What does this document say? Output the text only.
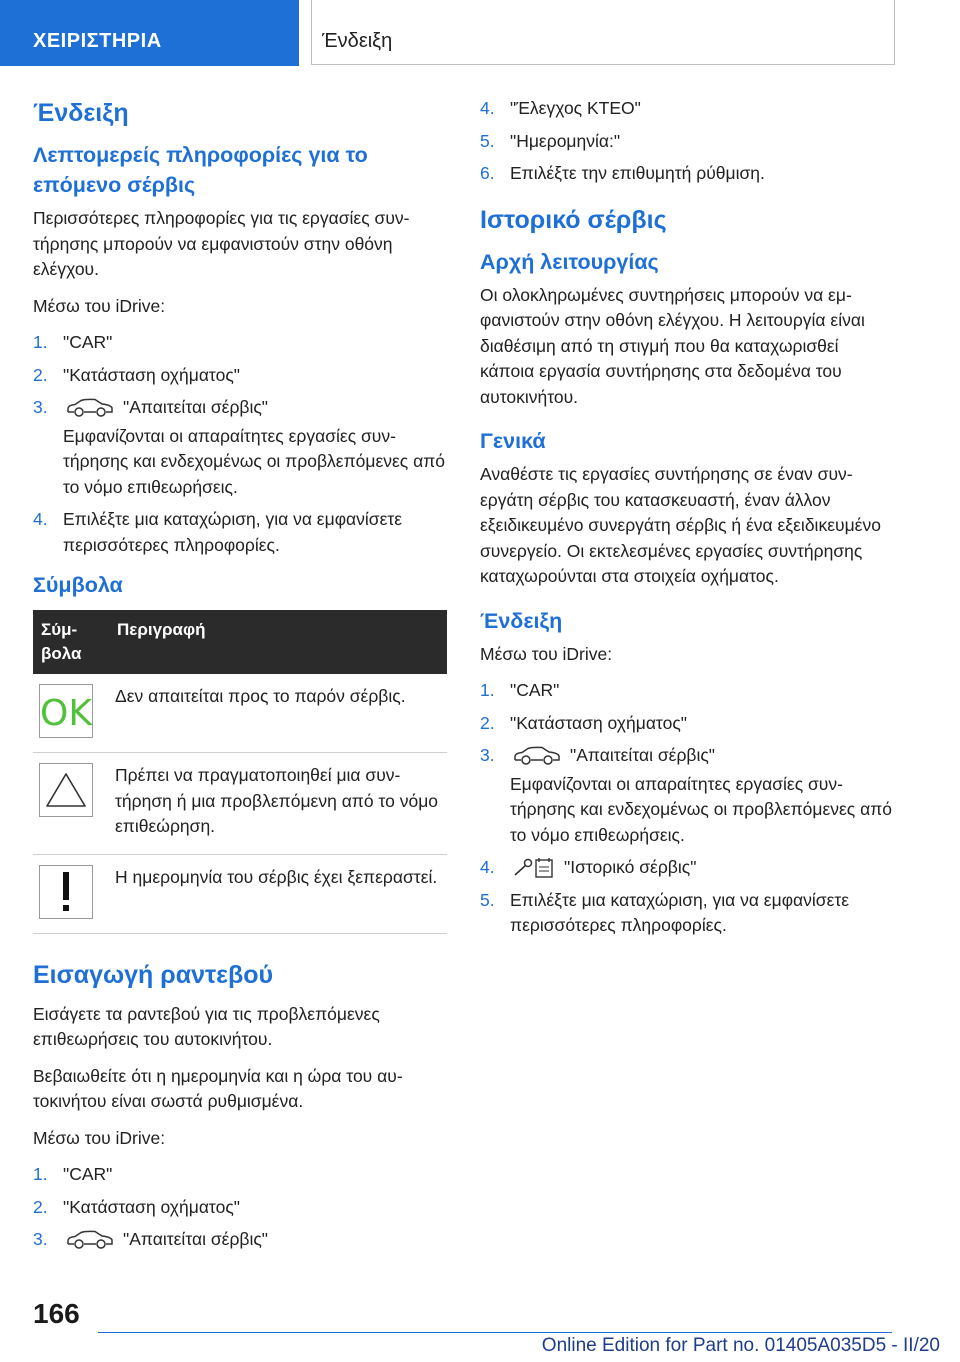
ΧΕΙΡΙΣΤΗΡΙΑ	Ένδειξη
Ένδειξη
Λεπτομερείς πληροφορίες για το επόμενο σέρβις

Περισσότερες πληροφορίες για τις εργασίες συντήρησης μπορούν να εμφανιστούν στην οθόνη ελέγχου.

Μέσω του iDrive:

1. "CAR"
2. "Κατάσταση οχήματος"
3.	"Απαιτείται σέρβις"
Εμφανίζονται οι απαραίτητες εργασίες συντήρησης και ενδεχομένως οι προβλεπόμενες από το νόμο επιθεωρήσεις.
4. Επιλέξτε μια καταχώριση, για να εμφανίσετε περισσότερες πληροφορίες.
Σύμβολα
Σύμβολα	Περιγραφή

OK	Δεν απαιτείται προς το παρόν σέρβις.

	Πρέπει να πραγματοποιηθεί μια συντήρηση ή μια προβλεπόμενη από το νόμο επιθεώρηση.

	Η ημερομηνία του σέρβις έχει ξεπεραστεί.
Εισαγωγή ραντεβού

Εισάγετε τα ραντεβού για τις προβλεπόμενες επιθεωρήσεις του αυτοκινήτου.

Βεβαιωθείτε ότι η ημερομηνία και η ώρα του αυτοκινήτου είναι σωστά ρυθμισμένα.

Μέσω του iDrive:

1. "CAR"
2. "Κατάσταση οχήματος"
3.	"Απαιτείται σέρβις"
4. "Έλεγχος ΚΤΕΟ"
5. "Ημερομηνία:"
6. Επιλέξτε την επιθυμητή ρύθμιση.
Ιστορικό σέρβις
Αρχή λειτουργίας

Οι ολοκληρωμένες συντηρήσεις μπορούν να εμφανιστούν στην οθόνη ελέγχου. Η λειτουργία είναι διαθέσιμη από τη στιγμή που θα καταχωρισθεί κάποια εργασία συντήρησης στα δεδομένα του αυτοκινήτου.

Γενικά

Αναθέστε τις εργασίες συντήρησης σε έναν συνεργάτη σέρβις του κατασκευαστή, έναν άλλον εξειδικευμένο συνεργάτη σέρβις ή ένα εξειδικευμένο συνεργείο. Οι εκτελεσμένες εργασίες συντήρησης καταχωρούνται στα στοιχεία οχήματος.

Ένδειξη

Μέσω του iDrive:

1. "CAR"
2. "Κατάσταση οχήματος"
3.	"Απαιτείται σέρβις"
Εμφανίζονται οι απαραίτητες εργασίες συντήρησης και ενδεχομένως οι προβλεπόμενες από το νόμο επιθεωρήσεις.
4.	"Ιστορικό σέρβις"
5. Επιλέξτε μια καταχώριση, για να εμφανίσετε περισσότερες πληροφορίες.
166
Online Edition for Part no. 01405A035D5 - II/20
